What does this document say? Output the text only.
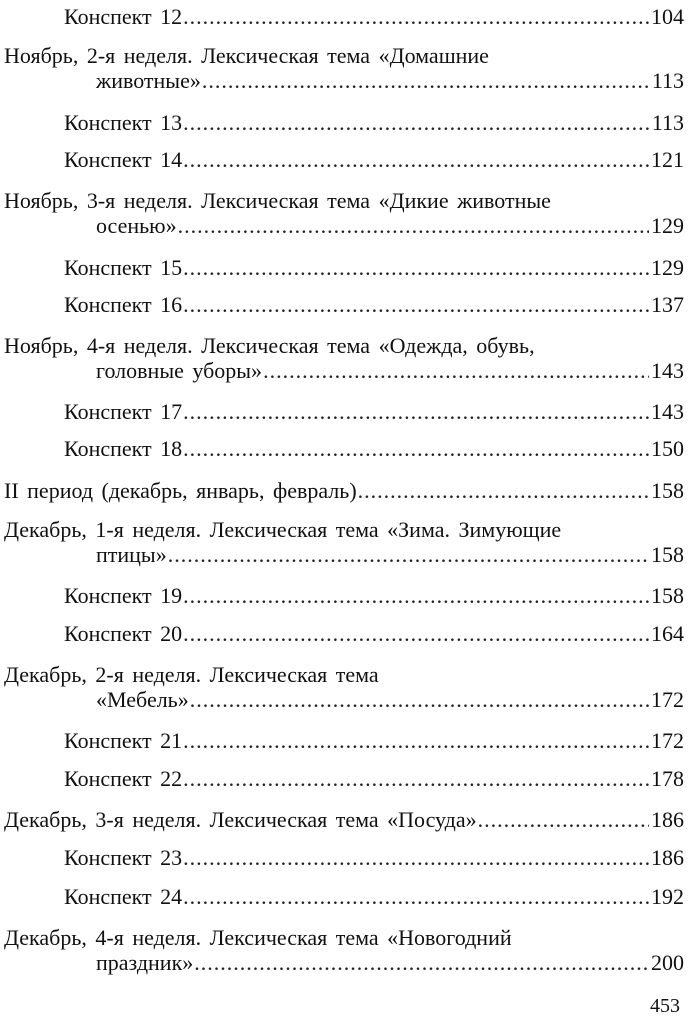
Конспект 12 .....	104
Ноябрь, 2-я неделя. Лексическая тема «Домашние
животные» .....	113
Конспект 13 .....	113
Конспект 14 .....	121
Ноябрь, 3-я неделя. Лексическая тема «Дикие животные
осенью» .....	129
Конспект 15 .....	129
Конспект 16 .....	137
Ноябрь, 4-я неделя. Лексическая тема «Одежда, обувь,
головные уборы» .....	143
Конспект 17 .....	143
Конспект 18 .....	150
II период (декабрь, январь, февраль) .....	158
Декабрь, 1-я неделя. Лексическая тема «Зима. Зимующие
птицы» .....	158
Конспект 19 .....	158
Конспект 20 .....	164
Декабрь, 2-я неделя. Лексическая тема
«Мебель» .....	172
Конспект 21 .....	172
Конспект 22 .....	178
Декабрь, 3-я неделя. Лексическая тема «Посуда» .....	186
Конспект 23 .....	186
Конспект 24 .....	192
Декабрь, 4-я неделя. Лексическая тема «Новогодний
праздник» .....	200
453
